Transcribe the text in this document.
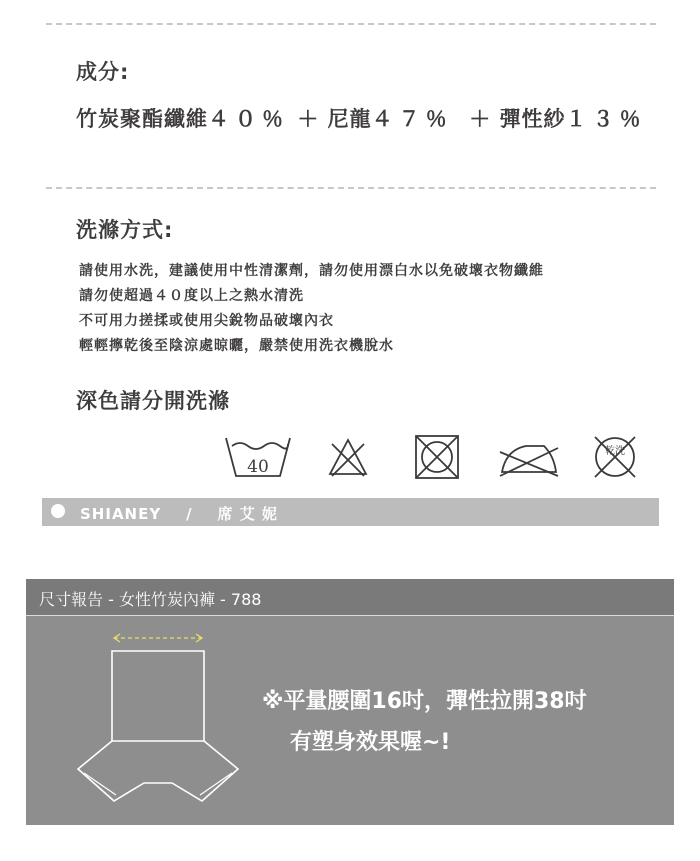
成分:
竹炭聚酯纖維４０％ ＋ 尼龍４７％ ＋ 彈性紗１３％
洗滌方式:
請使用水洗，建議使用中性清潔劑，請勿使用漂白水以免破壞衣物纖維
請勿使超過４０度以上之熱水清洗
不可用力搓揉或使用尖銳物品破壞內衣
輕輕擰乾後至陰涼處晾曬，嚴禁使用洗衣機脫水
深色請分開洗滌
40
乾洗
SHIANEY / 席 艾 妮
尺寸報告 - 女性竹炭內褲 - 788
※平量腰圍16吋，彈性拉開38吋
有塑身效果喔~!
